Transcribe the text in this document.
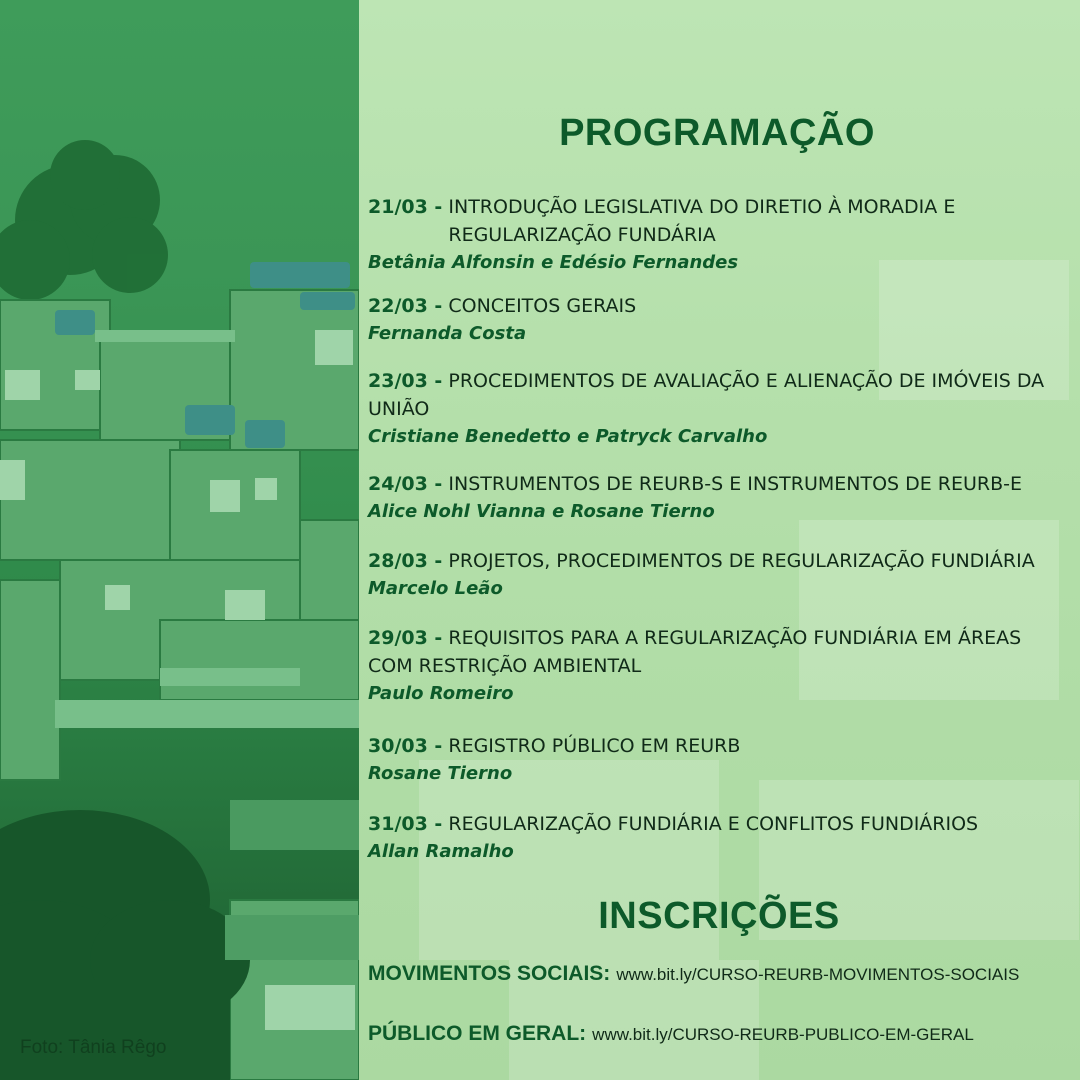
Foto: Tânia Rêgo
PROGRAMAÇÃO
21/03 - INTRODUÇÃO LEGISLATIVA DO DIRETIO À MORADIA E REGULARIZAÇÃO FUNDÁRIA
Betânia Alfonsin e Edésio Fernandes
22/03 - CONCEITOS GERAIS
Fernanda Costa
23/03 - PROCEDIMENTOS DE AVALIAÇÃO E ALIENAÇÃO DE IMÓVEIS DA UNIÃO
Cristiane Benedetto e Patryck Carvalho
24/03 - INSTRUMENTOS DE REURB-S E INSTRUMENTOS DE REURB-E
Alice Nohl Vianna e Rosane Tierno
28/03 - PROJETOS, PROCEDIMENTOS DE REGULARIZAÇÃO FUNDIÁRIA
Marcelo Leão
29/03 - REQUISITOS PARA A REGULARIZAÇÃO FUNDIÁRIA EM ÁREAS COM RESTRIÇÃO AMBIENTAL
Paulo Romeiro
30/03 - REGISTRO PÚBLICO EM REURB
Rosane Tierno
31/03 - REGULARIZAÇÃO FUNDIÁRIA E CONFLITOS FUNDIÁRIOS
Allan Ramalho
INSCRIÇÕES
MOVIMENTOS SOCIAIS: www.bit.ly/CURSO-REURB-MOVIMENTOS-SOCIAIS
PÚBLICO EM GERAL: www.bit.ly/CURSO-REURB-PUBLICO-EM-GERAL
